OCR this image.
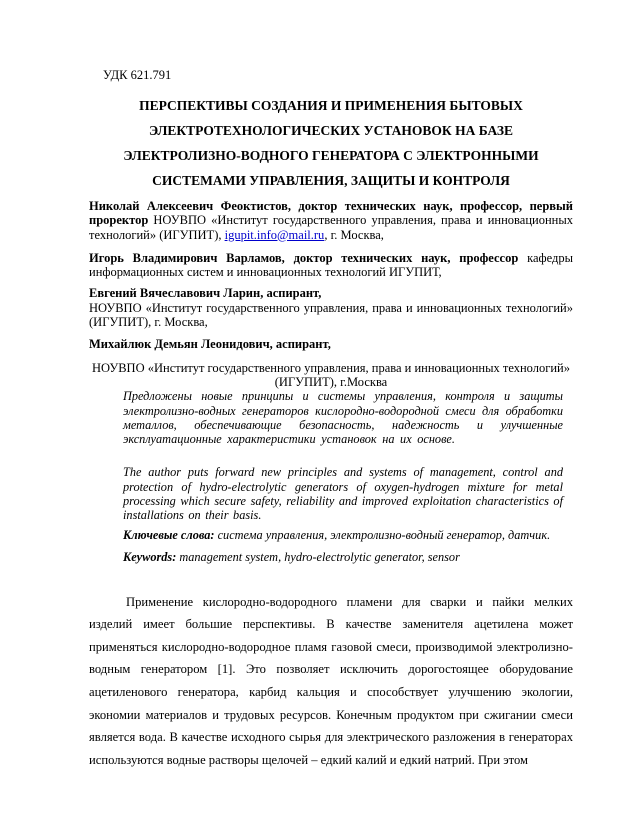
УДК 621.791
ПЕРСПЕКТИВЫ СОЗДАНИЯ И ПРИМЕНЕНИЯ БЫТОВЫХ
ЭЛЕКТРОТЕХНОЛОГИЧЕСКИХ УСТАНОВОК НА БАЗЕ
ЭЛЕКТРОЛИЗНО-ВОДНОГО ГЕНЕРАТОРА С ЭЛЕКТРОННЫМИ
СИСТЕМАМИ УПРАВЛЕНИЯ, ЗАЩИТЫ И КОНТРОЛЯ

Николай Алексеевич Феоктистов, доктор технических наук, профессор, первый проректор НОУВПО «Институт государственного управления, права и инновационных технологий» (ИГУПИТ), igupit.info@mail.ru, г. Москва,

Игорь Владимирович Варламов, доктор технических наук, профессор кафедры информационных систем и инновационных технологий ИГУПИТ,

Евгений Вячеславович Ларин, аспирант,
НОУВПО «Институт государственного управления, права и инновационных технологий» (ИГУПИТ), г. Москва,

Михайлюк Демьян Леонидович, аспирант,

НОУВПО «Институт государственного управления, права и инновационных технологий»
(ИГУПИТ), г.Москва

Предложены новые принципы и системы управления, контроля и защиты электролизно-водных генераторов кислородно-водородной смеси для обработки металлов, обеспечивающие безопасность, надежность и улучшенные эксплуатационные характеристики установок на их основе.

The author puts forward new principles and systems of management, control and protection of hydro-electrolytic generators of oxygen-hydrogen mixture for metal processing which secure safety, reliability and improved exploitation characteristics of installations on their basis.

Ключевые слова: система управления, электролизно-водный генератор, датчик.

Keywords: management system, hydro-electrolytic generator, sensor

Применение кислородно-водородного пламени для сварки и пайки мелких изделий имеет большие перспективы. В качестве заменителя ацетилена может применяться кислородно-водородное пламя газовой смеси, производимой электролизно-водным генератором [1]. Это позволяет исключить дорогостоящее оборудование ацетиленового генератора, карбид кальция и способствует улучшению экологии, экономии материалов и трудовых ресурсов. Конечным продуктом при сжигании смеси является вода. В качестве исходного сырья для электрического разложения в генераторах используются водные растворы щелочей – едкий калий и едкий натрий. При этом
